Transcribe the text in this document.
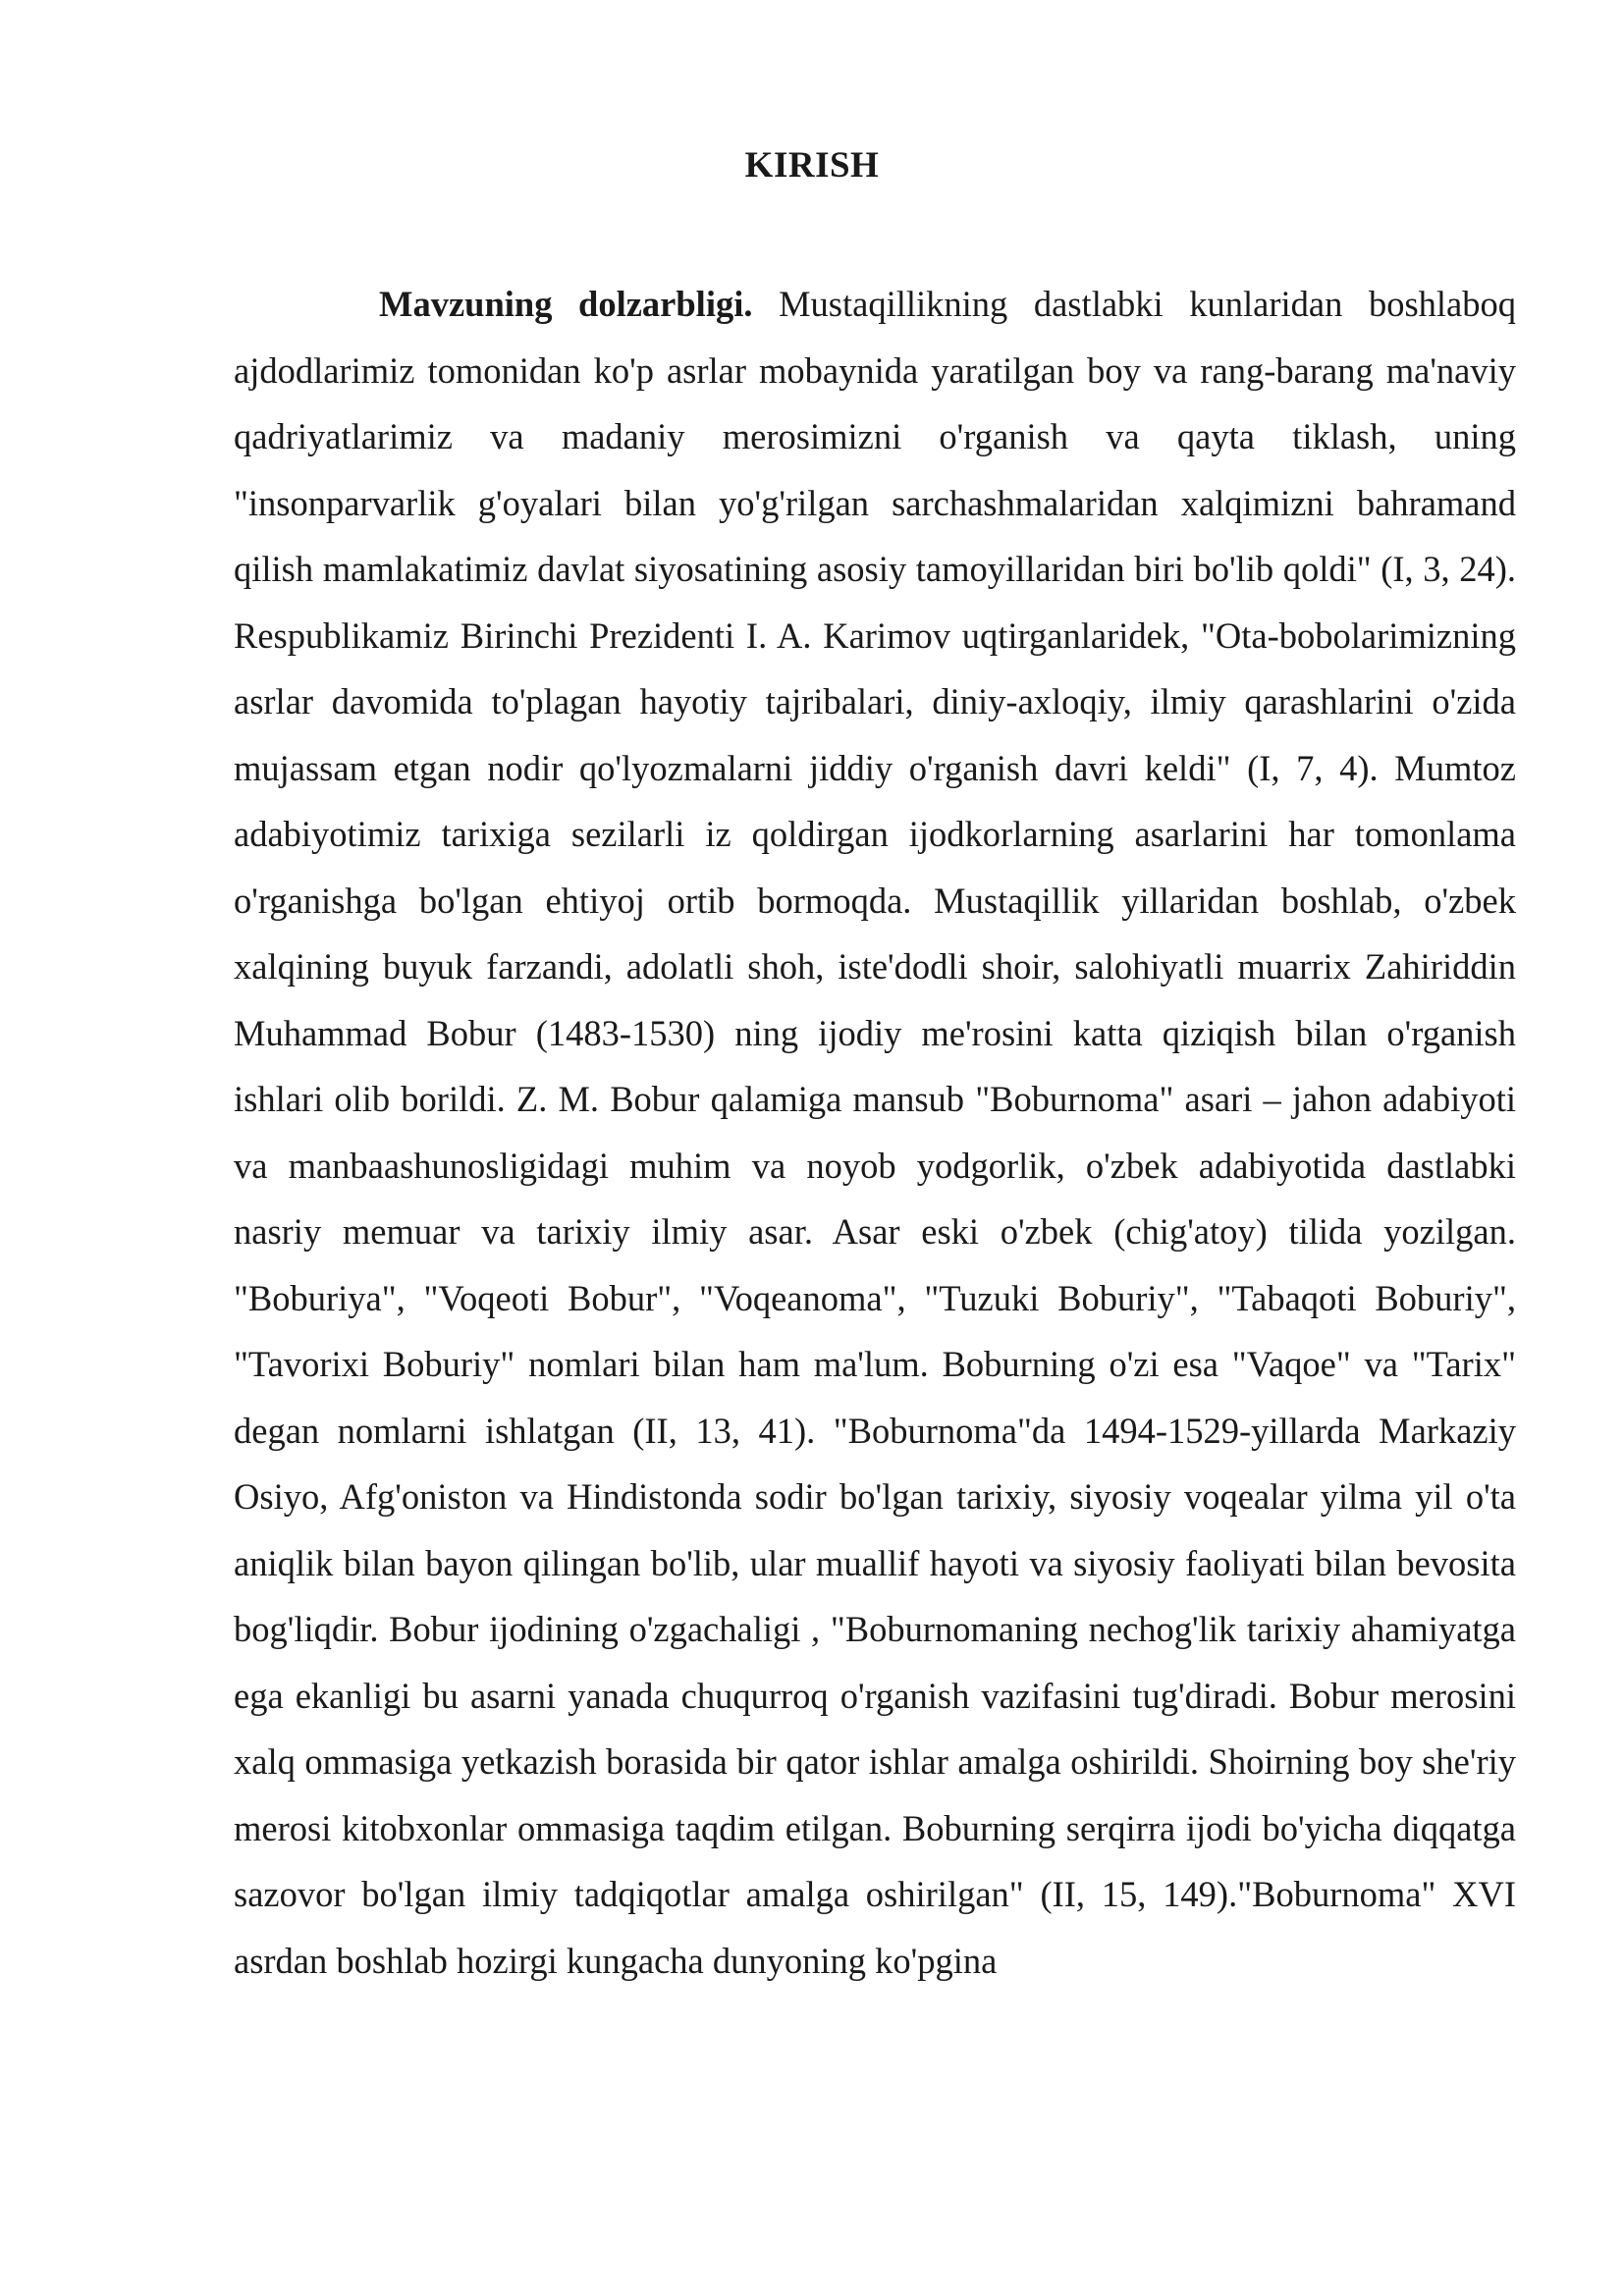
KIRISH

Mavzuning dolzarbligi. Mustaqillikning dastlabki kunlaridan boshlaboq ajdodlarimiz tomonidan ko'p asrlar mobaynida yaratilgan boy va rang-barang ma'naviy qadriyatlarimiz va madaniy merosimizni o'rganish va qayta tiklash, uning "insonparvarlik g'oyalari bilan yo'g'rilgan sarchashmalaridan xalqimizni bahramand qilish mamlakatimiz davlat siyosatining asosiy tamoyillaridan biri bo'lib qoldi" (I, 3, 24). Respublikamiz Birinchi Prezidenti I. A. Karimov uqtirganlaridek, "Ota-bobolarimizning asrlar davomida to'plagan hayotiy tajribalari, diniy-axloqiy, ilmiy qarashlarini o'zida mujassam etgan nodir qo'lyozmalarni jiddiy o'rganish davri keldi" (I, 7, 4). Mumtoz adabiyotimiz tarixiga sezilarli iz qoldirgan ijodkorlarning asarlarini har tomonlama o'rganishga bo'lgan ehtiyoj ortib bormoqda. Mustaqillik yillaridan boshlab, o'zbek xalqining buyuk farzandi, adolatli shoh, iste'dodli shoir, salohiyatli muarrix Zahiriddin Muhammad Bobur (1483-1530) ning ijodiy me'rosini katta qiziqish bilan o'rganish ishlari olib borildi. Z. M. Bobur qalamiga mansub "Boburnoma" asari – jahon adabiyoti va manbaashunosligidagi muhim va noyob yodgorlik, o'zbek adabiyotida dastlabki nasriy memuar va tarixiy ilmiy asar. Asar eski o'zbek (chig'atoy) tilida yozilgan. "Boburiya", "Voqeoti Bobur", "Voqeanoma", "Tuzuki Boburiy", "Tabaqoti Boburiy", "Tavorixi Boburiy" nomlari bilan ham ma'lum. Boburning o'zi esa "Vaqoe" va "Tarix" degan nomlarni ishlatgan (II, 13, 41). "Boburnoma"da 1494-1529-yillarda Markaziy Osiyo, Afg'oniston va Hindistonda sodir bo'lgan tarixiy, siyosiy voqealar yilma yil o'ta aniqlik bilan bayon qilingan bo'lib, ular muallif hayoti va siyosiy faoliyati bilan bevosita bog'liqdir. Bobur ijodining o'zgachaligi , "Boburnomaning nechog'lik tarixiy ahamiyatga ega ekanligi bu asarni yanada chuqurroq o'rganish vazifasini tug'diradi. Bobur merosini xalq ommasiga yetkazish borasida bir qator ishlar amalga oshirildi. Shoirning boy she'riy merosi kitobxonlar ommasiga taqdim etilgan. Boburning serqirra ijodi bo'yicha diqqatga sazovor bo'lgan ilmiy tadqiqotlar amalga oshirilgan" (II, 15, 149)."Boburnoma" XVI asrdan boshlab hozirgi kungacha dunyoning ko'pgina
